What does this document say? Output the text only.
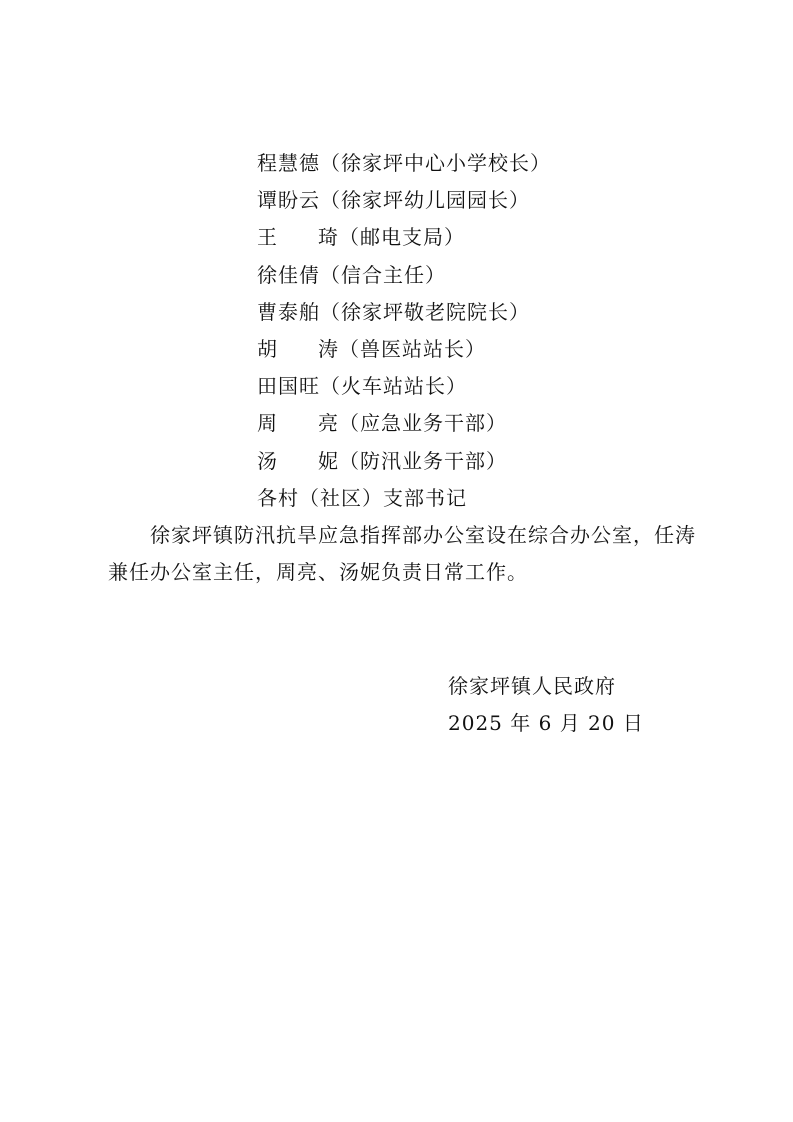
程慧德（徐家坪中心小学校长）
谭盼云（徐家坪幼儿园园长）
王 琦（邮电支局）
徐佳倩（信合主任）
曹泰舶（徐家坪敬老院院长）
胡 涛（兽医站站长）
田国旺（火车站站长）
周 亮（应急业务干部）
汤 妮（防汛业务干部）
各村（社区）支部书记

徐家坪镇防汛抗旱应急指挥部办公室设在综合办公室，任涛兼任办公室主任，周亮、汤妮负责日常工作。

徐家坪镇人民政府
2025 年 6 月 20 日
